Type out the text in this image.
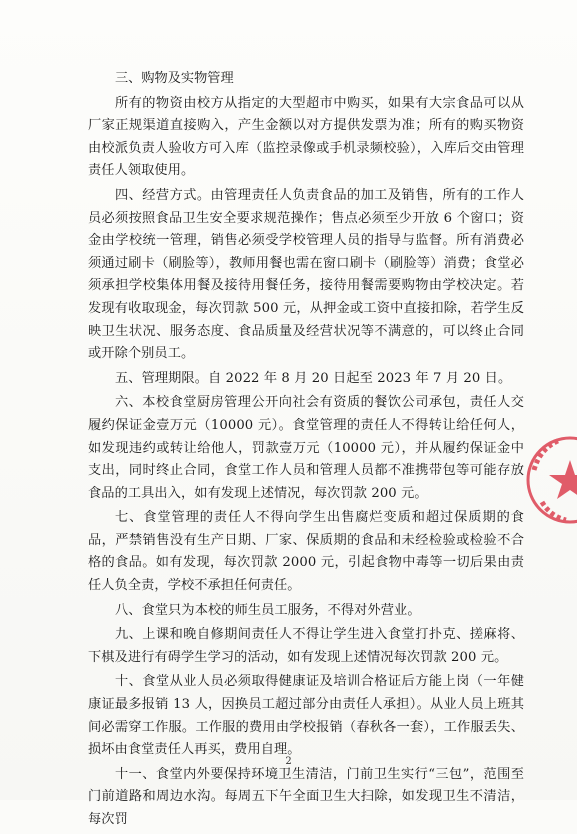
三、购物及实物管理

所有的物资由校方从指定的大型超市中购买，如果有大宗食品可以从厂家正规渠道直接购入，产生金额以对方提供发票为准；所有的购买物资由校派负责人验收方可入库（监控录像或手机录频校验），入库后交由管理责任人领取使用。

四、经营方式。由管理责任人负责食品的加工及销售，所有的工作人员必须按照食品卫生安全要求规范操作；售点必须至少开放 6 个窗口；资金由学校统一管理，销售必须受学校管理人员的指导与监督。所有消费必须通过刷卡（刷脸等），教师用餐也需在窗口刷卡（刷脸等）消费；食堂必须承担学校集体用餐及接待用餐任务，接待用餐需要购物由学校决定。若发现有收取现金，每次罚款 500 元，从押金或工资中直接扣除，若学生反映卫生状况、服务态度、食品质量及经营状况等不满意的，可以终止合同或开除个别员工。

五、管理期限。自 2022 年 8 月 20 日起至 2023 年 7 月 20 日。

六、本校食堂厨房管理公开向社会有资质的餐饮公司承包，责任人交履约保证金壹万元（10000 元）。食堂管理的责任人不得转让给任何人，如发现违约或转让给他人，罚款壹万元（10000 元），并从履约保证金中支出，同时终止合同，食堂工作人员和管理人员都不准携带包等可能存放食品的工具出入，如有发现上述情况，每次罚款 200 元。

七、食堂管理的责任人不得向学生出售腐烂变质和超过保质期的食品，严禁销售没有生产日期、厂家、保质期的食品和未经检验或检验不合格的食品。如有发现，每次罚款 2000 元，引起食物中毒等一切后果由责任人负全责，学校不承担任何责任。

八、食堂只为本校的师生员工服务，不得对外营业。

九、上课和晚自修期间责任人不得让学生进入食堂打扑克、搓麻将、下棋及进行有碍学生学习的活动，如有发现上述情况每次罚款 200 元。

十、食堂从业人员必须取得健康证及培训合格证后方能上岗（一年健康证最多报销 13 人，因换员工超过部分由责任人承担）。从业人员上班其间必需穿工作服。工作服的费用由学校报销（春秋各一套），工作服丢失、损坏由食堂责任人再买，费用自理。

十一、食堂内外要保持环境卫生清洁，门前卫生实行“三包”，范围至门前道路和周边水沟。每周五下午全面卫生大扫除，如发现卫生不清洁，每次罚

2
